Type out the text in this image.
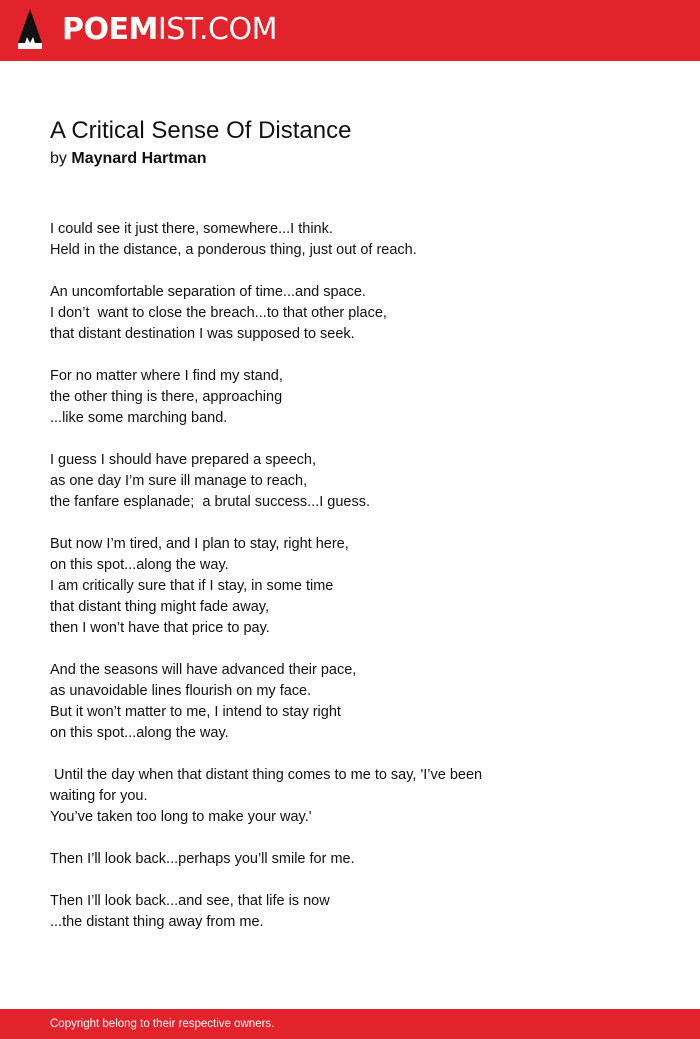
POEMIST.COM
A Critical Sense Of Distance
by Maynard Hartman
I could see it just there, somewhere...I think.
Held in the distance, a ponderous thing, just out of reach.
An uncomfortable separation of time...and space.
I don’t  want to close the breach...to that other place,
that distant destination I was supposed to seek.
For no matter where I find my stand,
the other thing is there, approaching
...like some marching band.
I guess I should have prepared a speech,
as one day I’m sure ill manage to reach,
the fanfare esplanade;  a brutal success...I guess.
But now I’m tired, and I plan to stay, right here,
on this spot...along the way.
I am critically sure that if I stay, in some time
that distant thing might fade away,
then I won’t have that price to pay.
And the seasons will have advanced their pace,
as unavoidable lines flourish on my face.
But it won’t matter to me, I intend to stay right
on this spot...along the way.
Until the day when that distant thing comes to me to say, 'I’ve been
waiting for you.
You’ve taken too long to make your way.'
Then I’ll look back...perhaps you’ll smile for me.
Then I’ll look back...and see, that life is now
...the distant thing away from me.
Copyright belong to their respective owners.
